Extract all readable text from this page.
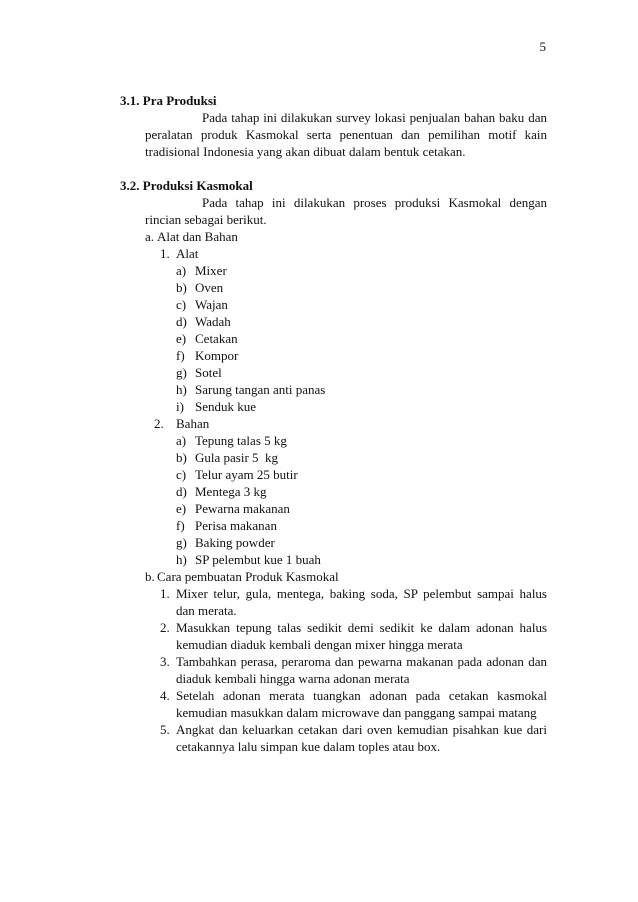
5
3.1. Pra Produksi
Pada tahap ini dilakukan survey lokasi penjualan bahan baku dan peralatan produk Kasmokal serta penentuan dan pemilihan motif kain tradisional Indonesia yang akan dibuat dalam bentuk cetakan.
3.2. Produksi Kasmokal
Pada tahap ini dilakukan proses produksi Kasmokal dengan rincian sebagai berikut.
a. Alat dan Bahan
1. Alat
a) Mixer
b) Oven
c) Wajan
d) Wadah
e) Cetakan
f) Kompor
g) Sotel
h) Sarung tangan anti panas
i) Senduk kue
2. Bahan
a) Tepung talas 5 kg
b) Gula pasir 5  kg
c) Telur ayam 25 butir
d) Mentega 3 kg
e) Pewarna makanan
f) Perisa makanan
g) Baking powder
h) SP pelembut kue 1 buah
b. Cara pembuatan Produk Kasmokal
1. Mixer telur, gula, mentega, baking soda, SP pelembut sampai halus dan merata.
2. Masukkan tepung talas sedikit demi sedikit ke dalam adonan halus kemudian diaduk kembali dengan mixer hingga merata
3. Tambahkan perasa, peraroma dan pewarna makanan pada adonan dan diaduk kembali hingga warna adonan merata
4. Setelah adonan merata tuangkan adonan pada cetakan kasmokal kemudian masukkan dalam microwave dan panggang sampai matang
5. Angkat dan keluarkan cetakan dari oven kemudian pisahkan kue dari cetakannya lalu simpan kue dalam toples atau box.
